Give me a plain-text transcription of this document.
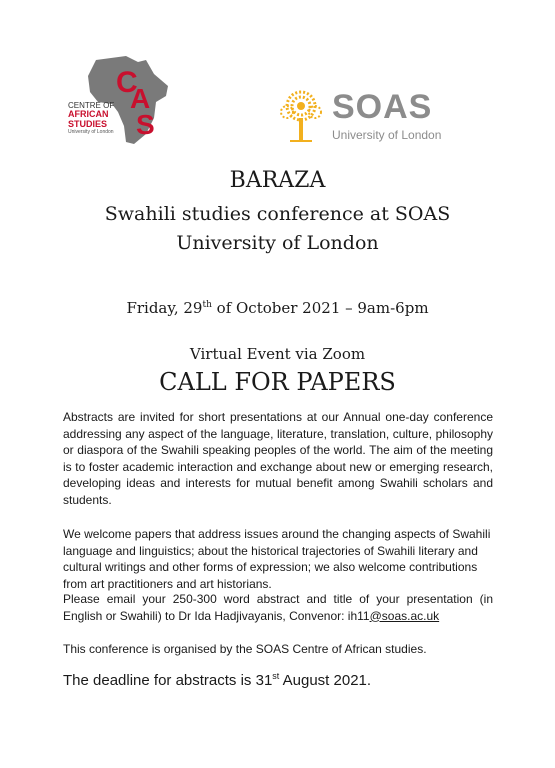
C
A
S
CENTRE OF
AFRICAN
STUDIES
University of London
SOAS
University of London
BARAZA
Swahili studies conference at SOAS
University of London
Friday, 29th of October 2021 – 9am-6pm
Virtual Event via Zoom
CALL FOR PAPERS

Abstracts are invited for short presentations at our Annual one-day conference addressing any aspect of the language, literature, translation, culture, philosophy or diaspora of the Swahili speaking peoples of the world. The aim of the meeting is to foster academic interaction and exchange about new or emerging research, developing ideas and interests for mutual benefit among Swahili scholars and students.

We welcome papers that address issues around the changing aspects of Swahili language and linguistics; about the historical trajectories of Swahili literary and cultural writings and other forms of expression; we also welcome contributions from art practitioners and art historians.

Please email your 250-300 word abstract and title of your presentation (in English or Swahili) to Dr Ida Hadjivayanis, Convenor: ih11@soas.ac.uk

This conference is organised by the SOAS Centre of African studies.

The deadline for abstracts is 31st August 2021.
